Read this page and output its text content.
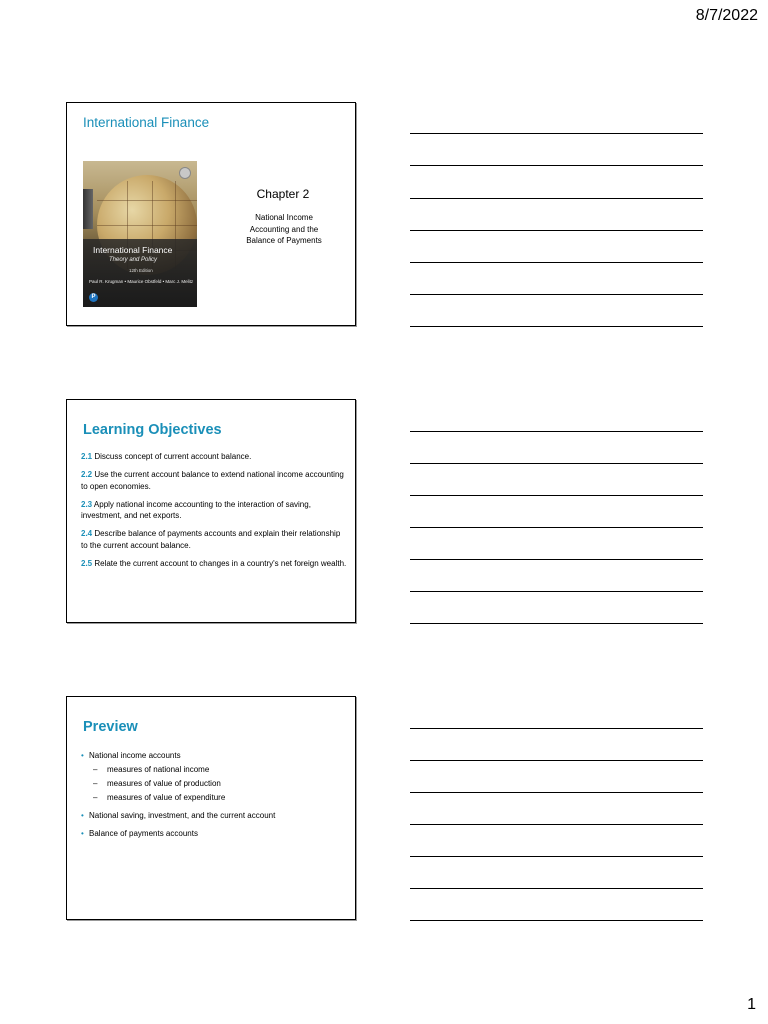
8/7/2022
International Finance
International Finance
Theory and Policy
12th Edition
Paul R. Krugman • Maurice Obstfeld • Marc J. Melitz
P
Chapter 2
National Income Accounting and the Balance of Payments
Learning Objectives
2.1 Discuss concept of current account balance.
2.2 Use the current account balance to extend national income accounting to open economies.
2.3 Apply national income accounting to the interaction of saving, investment, and net exports.
2.4 Describe balance of payments accounts and explain their relationship to the current account balance.
2.5 Relate the current account to changes in a country's net foreign wealth.
Preview
• National income accounts
– measures of national income
– measures of value of production
– measures of value of expenditure
• National saving, investment, and the current account
• Balance of payments accounts
1
